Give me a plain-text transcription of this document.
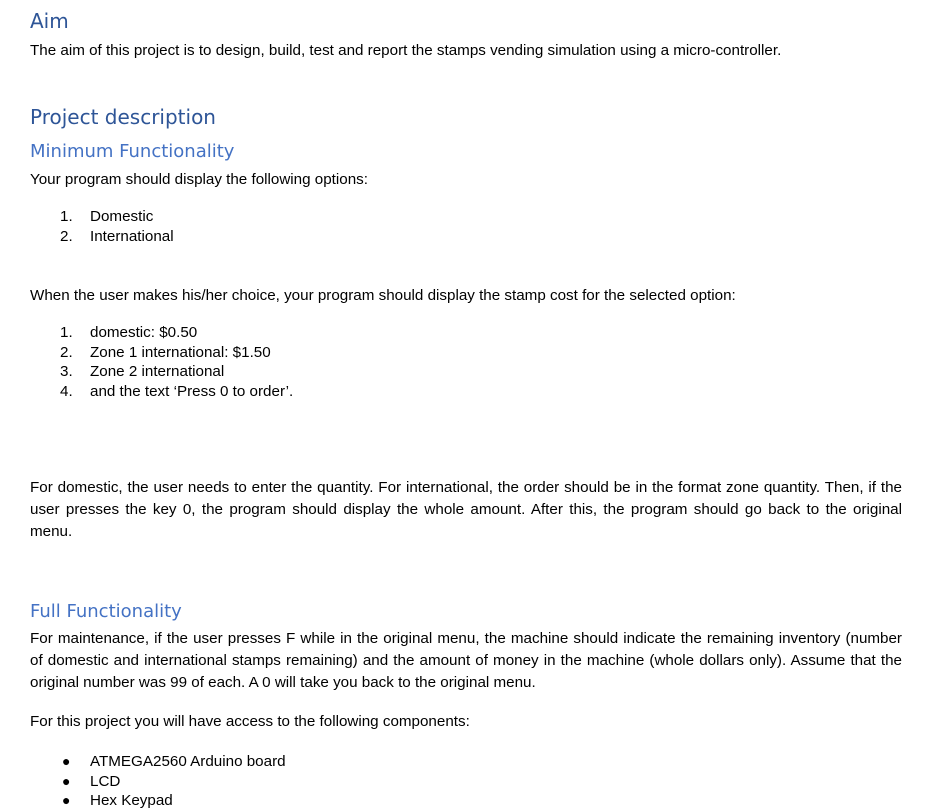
Aim

The aim of this project is to design, build, test and report the stamps vending simulation using a micro-controller.

Project description
Minimum Functionality

Your program should display the following options:

1. Domestic
2. International

When the user makes his/her choice, your program should display the stamp cost for the selected option:

1. domestic: $0.50
2. Zone 1 international: $1.50
3. Zone 2 international
4. and the text ‘Press 0 to order’.

For domestic, the user needs to enter the quantity. For international, the order should be in the format zone quantity. Then, if the user presses the key 0, the program should display the whole amount. After this, the program should go back to the original menu.

Full Functionality

For maintenance, if the user presses F while in the original menu, the machine should indicate the remaining inventory (number of domestic and international stamps remaining) and the amount of money in the machine (whole dollars only). Assume that the original number was 99 of each. A 0 will take you back to the original menu.

For this project you will have access to the following components:

● ATMEGA2560 Arduino board
● LCD
● Hex Keypad
